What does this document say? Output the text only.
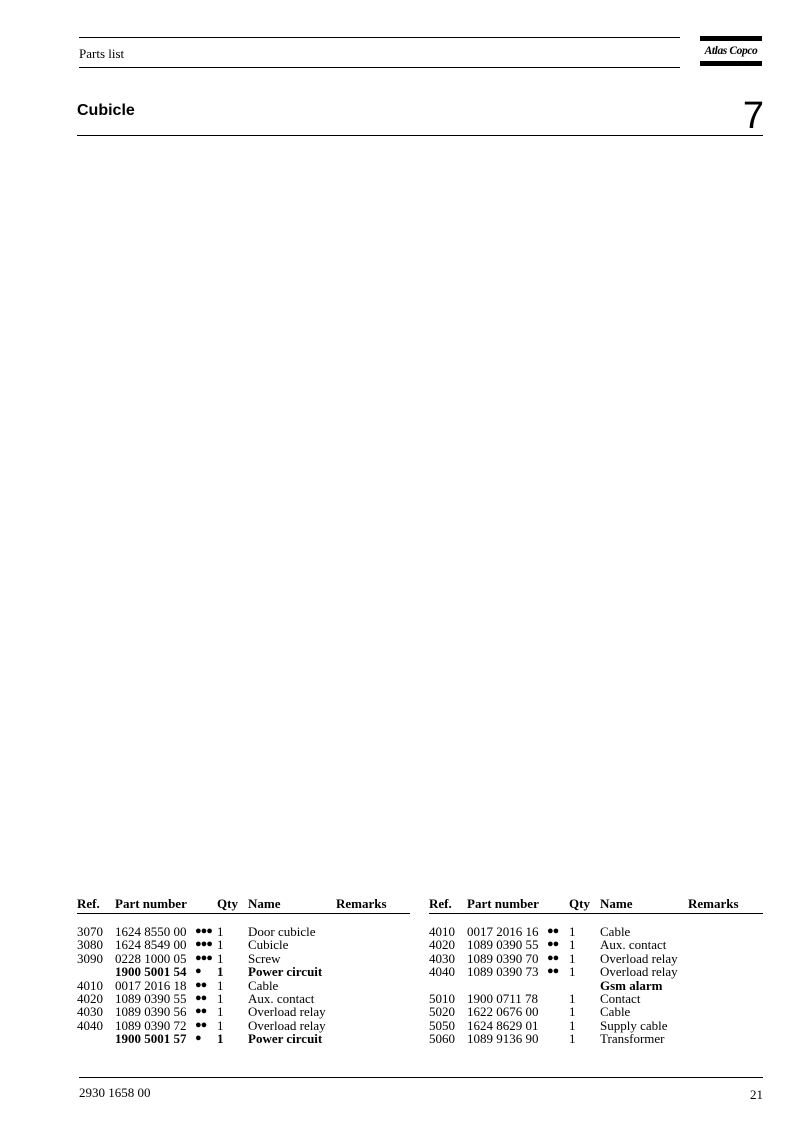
Parts list	Atlas Copco
Cubicle	7
Ref. Part number Qty Name	Remarks
3070 1624 8550 00 ●●● 1 Door cubicle
3080 1624 8549 00 ●●● 1 Cubicle
3090 0228 1000 05 ●●● 1 Screw
1900 5001 54 ● 1 Power circuit
4010 0017 2016 18 ●● 1 Cable
4020 1089 0390 55 ●● 1 Aux. contact
4030 1089 0390 56 ●● 1 Overload relay
4040 1089 0390 72 ●● 1 Overload relay
1900 5001 57 ● 1 Power circuit
Ref. Part number Qty Name	Remarks
4010 0017 2016 16 ●● 1 Cable
4020 1089 0390 55 ●● 1 Aux. contact
4030 1089 0390 70 ●● 1 Overload relay
4040 1089 0390 73 ●● 1 Overload relay
Gsm alarm
5010 1900 0711 78 1 Contact
5020 1622 0676 00 1 Cable
5050 1624 8629 01 1 Supply cable
5060 1089 9136 90 1 Transformer
2930 1658 00	21
